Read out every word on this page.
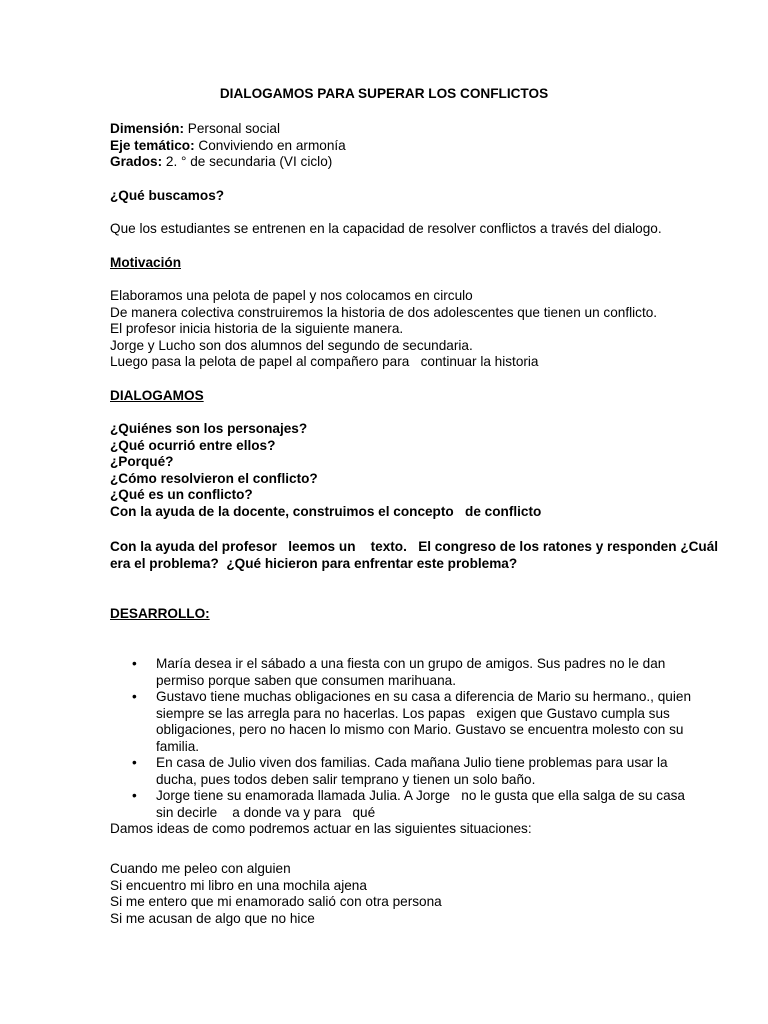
DIALOGAMOS PARA SUPERAR LOS CONFLICTOS
Dimensión: Personal social
Eje temático: Conviviendo en armonía
Grados: 2. ° de secundaria (VI ciclo)
¿Qué buscamos?
Que los estudiantes se entrenen en la capacidad de resolver conflictos a través del dialogo.
Motivación
Elaboramos una pelota de papel y nos colocamos en circulo
De manera colectiva construiremos la historia de dos adolescentes que tienen un conflicto.
El profesor inicia historia de la siguiente manera.
Jorge y Lucho son dos alumnos del segundo de secundaria.
Luego pasa la pelota de papel al compañero para   continuar la historia
DIALOGAMOS
¿Quiénes son los personajes?
¿Qué ocurrió entre ellos?
¿Porqué?
¿Cómo resolvieron el conflicto?
¿Qué es un conflicto?
Con la ayuda de la docente, construimos el concepto   de conflicto
Con la ayuda del profesor   leemos un    texto.   El congreso de los ratones y responden ¿Cuál
era el problema?  ¿Qué hicieron para enfrentar este problema?
DESARROLLO:
• María desea ir el sábado a una fiesta con un grupo de amigos. Sus padres no le dan
permiso porque saben que consumen marihuana.
• Gustavo tiene muchas obligaciones en su casa a diferencia de Mario su hermano., quien
siempre se las arregla para no hacerlas. Los papas   exigen que Gustavo cumpla sus
obligaciones, pero no hacen lo mismo con Mario. Gustavo se encuentra molesto con su
familia.
• En casa de Julio viven dos familias. Cada mañana Julio tiene problemas para usar la
ducha, pues todos deben salir temprano y tienen un solo baño.
• Jorge tiene su enamorada llamada Julia. A Jorge   no le gusta que ella salga de su casa
sin decirle    a donde va y para   qué
Damos ideas de como podremos actuar en las siguientes situaciones:
Cuando me peleo con alguien
Si encuentro mi libro en una mochila ajena
Si me entero que mi enamorado salió con otra persona
Si me acusan de algo que no hice
